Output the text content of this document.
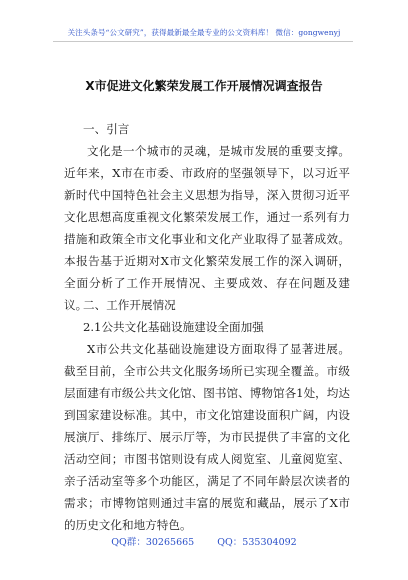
关注头条号“公文研究”，获得最新最全最专业的公文资料库！ 微信：gongwenyj
X市促进文化繁荣发展工作开展情况调查报告

一、引言

文化是一个城市的灵魂，是城市发展的重要支撑。近年来，X市在市委、市政府的坚强领导下，以习近平新时代中国特色社会主义思想为指导，深入贯彻习近平文化思想高度重视文化繁荣发展工作，通过一系列有力措施和政策全市文化事业和文化产业取得了显著成效。本报告基于近期对X市文化繁荣发展工作的深入调研，全面分析了工作开展情况、主要成效、存在问题及建议。

二、工作开展情况

2.1公共文化基础设施建设全面加强

X市公共文化基础设施建设方面取得了显著进展。截至目前，全市公共文化服务场所已实现全覆盖。市级层面建有市级公共文化馆、图书馆、博物馆各1处，均达到国家建设标准。其中，市文化馆建设面积广阔，内设展演厅、排练厅、展示厅等，为市民提供了丰富的文化活动空间；市图书馆则设有成人阅览室、儿童阅览室、亲子活动室等多个功能区，满足了不同年龄层次读者的需求；市博物馆则通过丰富的展览和藏品，展示了X市的历史文化和地方特色。

QQ群：30265665 QQ：535304092
